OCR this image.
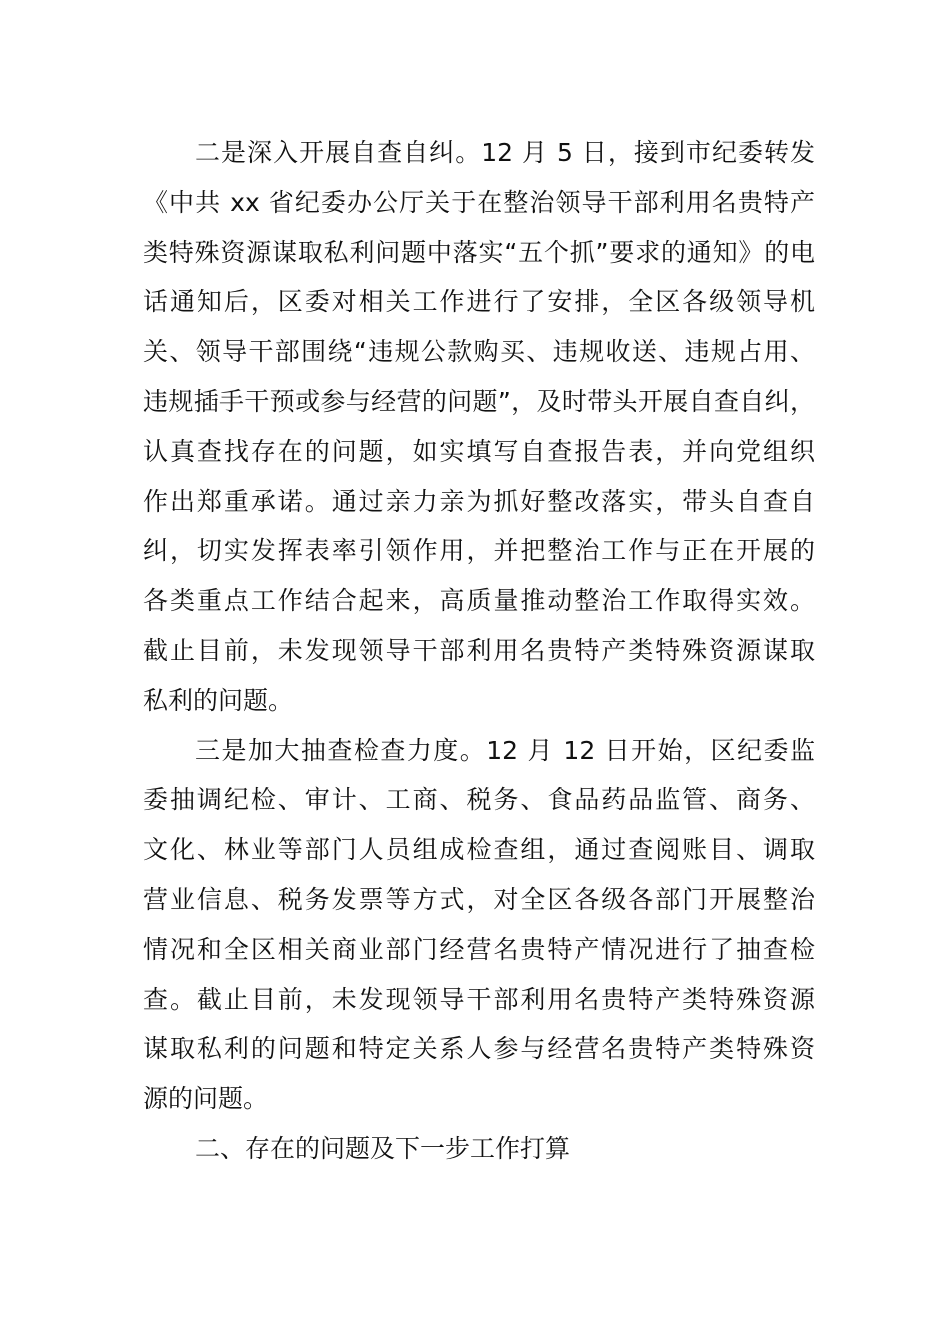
二是深入开展自查自纠。12 月 5 日，接到市纪委转发
《中共 xx 省纪委办公厅关于在整治领导干部利用名贵特产
类特殊资源谋取私利问题中落实“五个抓”要求的通知》的电
话通知后，区委对相关工作进行了安排，全区各级领导机
关、领导干部围绕“违规公款购买、违规收送、违规占用、
违规插手干预或参与经营的问题”，及时带头开展自查自纠，
认真查找存在的问题，如实填写自查报告表，并向党组织
作出郑重承诺。通过亲力亲为抓好整改落实，带头自查自
纠，切实发挥表率引领作用，并把整治工作与正在开展的
各类重点工作结合起来，高质量推动整治工作取得实效。
截止目前，未发现领导干部利用名贵特产类特殊资源谋取
私利的问题。
三是加大抽查检查力度。12 月 12 日开始，区纪委监
委抽调纪检、审计、工商、税务、食品药品监管、商务、
文化、林业等部门人员组成检查组，通过查阅账目、调取
营业信息、税务发票等方式，对全区各级各部门开展整治
情况和全区相关商业部门经营名贵特产情况进行了抽查检
查。截止目前，未发现领导干部利用名贵特产类特殊资源
谋取私利的问题和特定关系人参与经营名贵特产类特殊资
源的问题。
二、存在的问题及下一步工作打算
